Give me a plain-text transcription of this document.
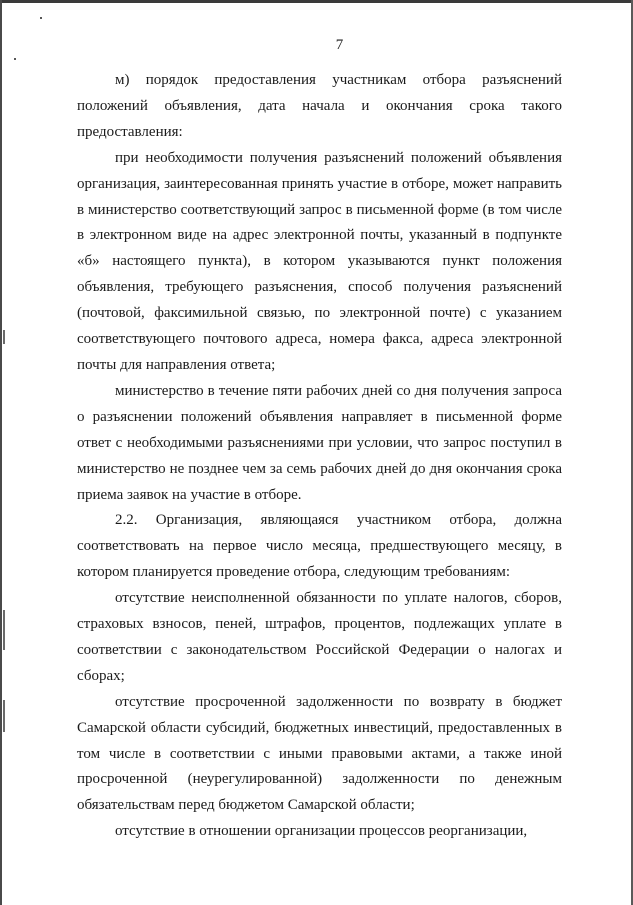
7

м) порядок предоставления участникам отбора разъяснений положений объявления, дата начала и окончания срока такого предоставления:

при необходимости получения разъяснений положений объявления организация, заинтересованная принять участие в отборе, может направить в министерство соответствующий запрос в письменной форме (в том числе в электронном виде на адрес электронной почты, указанный в подпункте «б» настоящего пункта), в котором указываются пункт положения объявления, требующего разъяснения, способ получения разъяснений (почтовой, факсимильной связью, по электронной почте) с указанием соответствующего почтового адреса, номера факса, адреса электронной почты для направления ответа;

министерство в течение пяти рабочих дней со дня получения запроса о разъяснении положений объявления направляет в письменной форме ответ с необходимыми разъяснениями при условии, что запрос поступил в министерство не позднее чем за семь рабочих дней до дня окончания срока приема заявок на участие в отборе.

2.2. Организация, являющаяся участником отбора, должна соответствовать на первое число месяца, предшествующего месяцу, в котором планируется проведение отбора, следующим требованиям:

отсутствие неисполненной обязанности по уплате налогов, сборов, страховых взносов, пеней, штрафов, процентов, подлежащих уплате в соответствии с законодательством Российской Федерации о налогах и сборах;

отсутствие просроченной задолженности по возврату в бюджет Самарской области субсидий, бюджетных инвестиций, предоставленных в том числе в соответствии с иными правовыми актами, а также иной просроченной (неурегулированной) задолженности по денежным обязательствам перед бюджетом Самарской области;

отсутствие в отношении организации процессов реорганизации,
